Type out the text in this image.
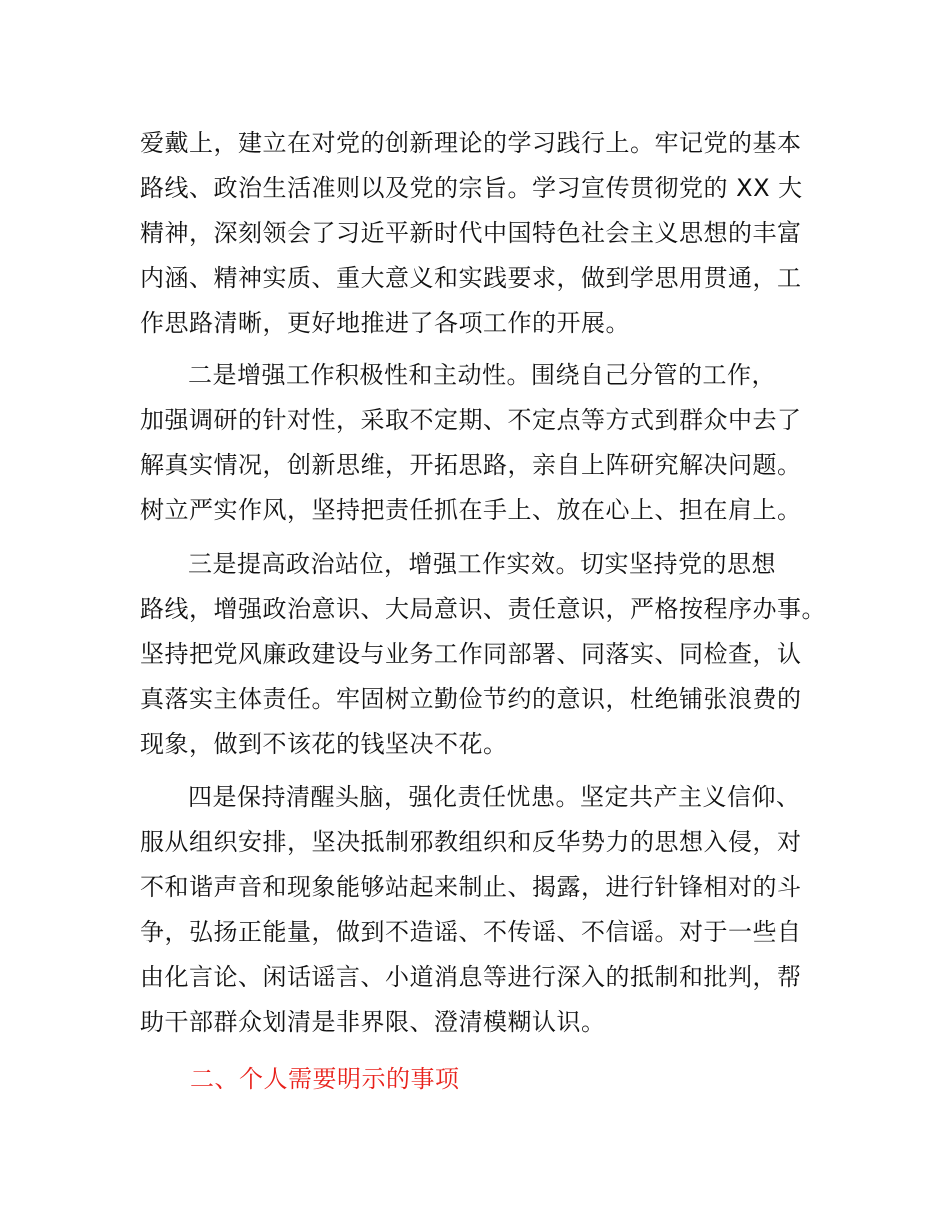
爱戴上，建立在对党的创新理论的学习践行上。牢记党的基本
路线、政治生活准则以及党的宗旨。学习宣传贯彻党的 XX 大
精神，深刻领会了习近平新时代中国特色社会主义思想的丰富
内涵、精神实质、重大意义和实践要求，做到学思用贯通，工
作思路清晰，更好地推进了各项工作的开展。
二是增强工作积极性和主动性。围绕自己分管的工作，
加强调研的针对性，采取不定期、不定点等方式到群众中去了
解真实情况，创新思维，开拓思路，亲自上阵研究解决问题。
树立严实作风，坚持把责任抓在手上、放在心上、担在肩上。
三是提高政治站位，增强工作实效。切实坚持党的思想
路线，增强政治意识、大局意识、责任意识，严格按程序办事。
坚持把党风廉政建设与业务工作同部署、同落实、同检查，认
真落实主体责任。牢固树立勤俭节约的意识，杜绝铺张浪费的
现象，做到不该花的钱坚决不花。
四是保持清醒头脑，强化责任忧患。坚定共产主义信仰、
服从组织安排，坚决抵制邪教组织和反华势力的思想入侵，对
不和谐声音和现象能够站起来制止、揭露，进行针锋相对的斗
争，弘扬正能量，做到不造谣、不传谣、不信谣。对于一些自
由化言论、闲话谣言、小道消息等进行深入的抵制和批判，帮
助干部群众划清是非界限、澄清模糊认识。
二、个人需要明示的事项
